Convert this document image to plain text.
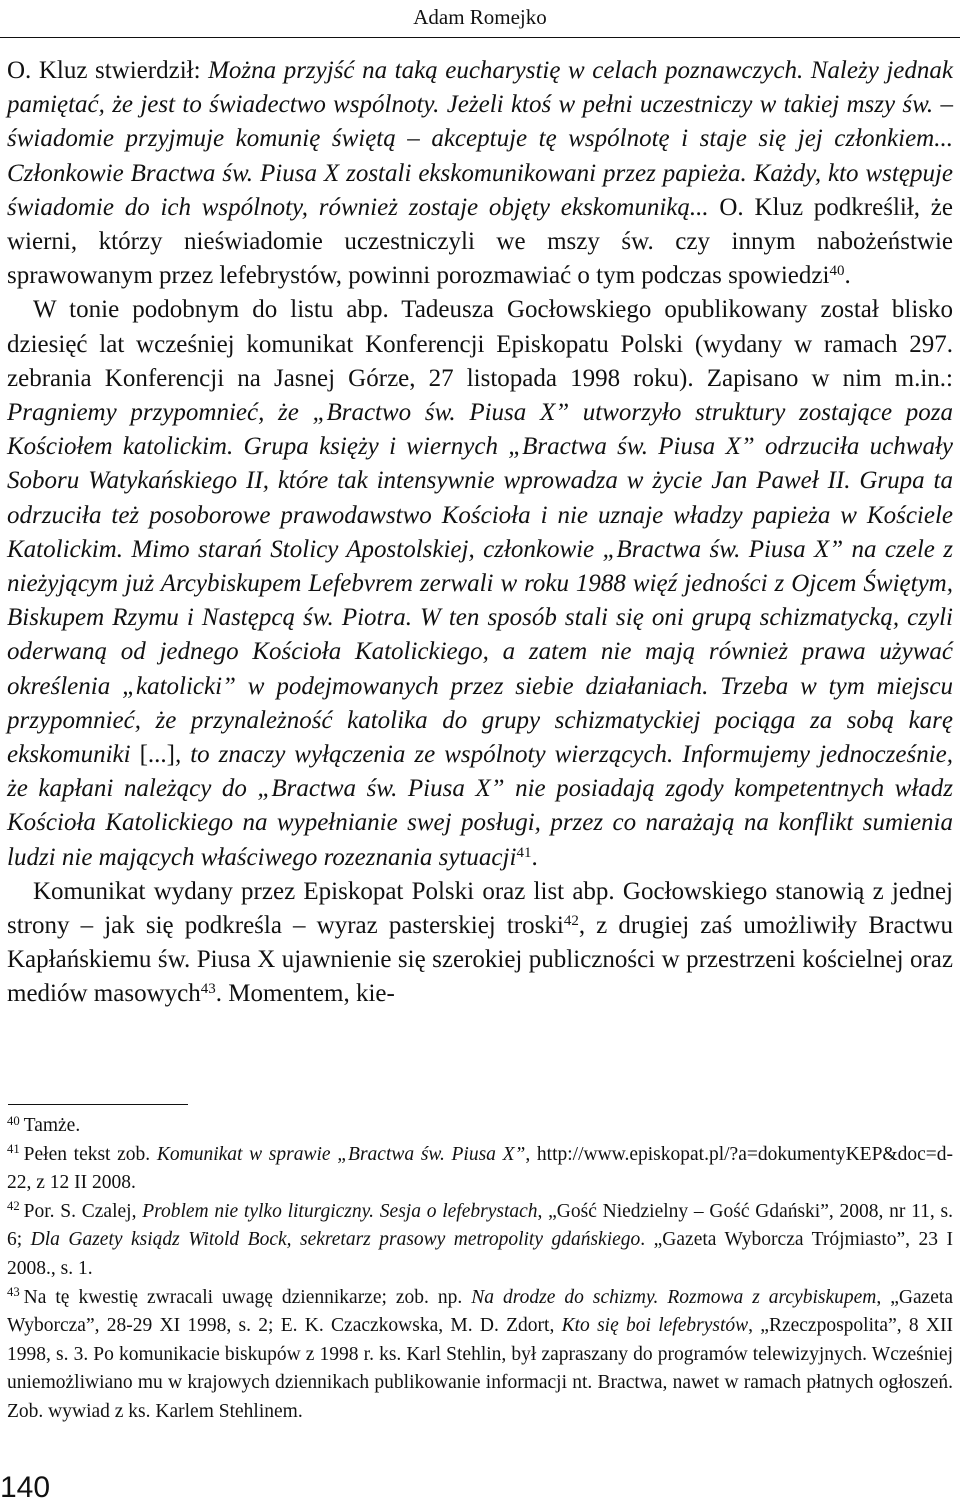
Adam Romejko

O. Kluz stwierdził: Można przyjść na taką eucharystię w celach poznawczych. Należy jednak pamiętać, że jest to świadectwo wspólnoty. Jeżeli ktoś w pełni uczestniczy w takiej mszy św. – świadomie przyjmuje komunię świętą – akceptuje tę wspólnotę i staje się jej członkiem... Członkowie Bractwa św. Piusa X zostali ekskomunikowani przez papieża. Każdy, kto wstępuje świadomie do ich wspólnoty, również zostaje objęty ekskomuniką... O. Kluz podkreślił, że wierni, którzy nieświadomie uczestniczyli we mszy św. czy innym nabożeństwie sprawowanym przez lefebrystów, powinni porozmawiać o tym podczas spowiedzi$^{40}$.

W tonie podobnym do listu abp. Tadeusza Gocłowskiego opublikowany został blisko dziesięć lat wcześniej komunikat Konferencji Episkopatu Polski (wydany w ramach 297. zebrania Konferencji na Jasnej Górze, 27 listopada 1998 roku). Zapisano w nim m.in.: Pragniemy przypomnieć, że „Bractwo św. Piusa X” utworzyło struktury zostające poza Kościołem katolickim. Grupa księży i wiernych „Bractwa św. Piusa X” odrzuciła uchwały Soboru Watykańskiego II, które tak intensywnie wprowadza w życie Jan Paweł II. Grupa ta odrzuciła też posoborowe prawodawstwo Kościoła i nie uznaje władzy papieża w Kościele Katolickim. Mimo starań Stolicy Apostolskiej, członkowie „Bractwa św. Piusa X” na czele z nieżyjącym już Arcybiskupem Lefebvrem zerwali w roku 1988 więź jedności z Ojcem Świętym, Biskupem Rzymu i Następcą św. Piotra. W ten sposób stali się oni grupą schizmatycką, czyli oderwaną od jednego Kościoła Katolickiego, a zatem nie mają również prawa używać określenia „katolicki” w podejmowanych przez siebie działaniach. Trzeba w tym miejscu przypomnieć, że przynależność katolika do grupy schizmatyckiej pociąga za sobą karę ekskomuniki [...], to znaczy wyłączenia ze wspólnoty wierzących. Informujemy jednocześnie, że kapłani należący do „Bractwa św. Piusa X” nie posiadają zgody kompetentnych władz Kościoła Katolickiego na wypełnianie swej posługi, przez co narażają na konflikt sumienia ludzi nie mających właściwego rozeznania sytuacji$^{41}$.

Komunikat wydany przez Episkopat Polski oraz list abp. Gocłowskiego stanowią z jednej strony – jak się podkreśla – wyraz pasterskiej troski$^{42}$, z drugiej zaś umożliwiły Bractwu Kapłańskiemu św. Piusa X ujawnienie się szerokiej publiczności w przestrzeni kościelnej oraz mediów masowych$^{43}$. Momentem, kie-

$^{40}$ Tamże.

$^{41}$ Pełen tekst zob. Komunikat w sprawie „Bractwa św. Piusa X”, http://www.episkopat.pl/?a=dokumentyKEP&doc=d-22, z 12 II 2008.

$^{42}$ Por. S. Czalej, Problem nie tylko liturgiczny. Sesja o lefebrystach, „Gość Niedzielny – Gość Gdański”, 2008, nr 11, s. 6; Dla Gazety ksiądz Witold Bock, sekretarz prasowy metropolity gdańskiego. „Gazeta Wyborcza Trójmiasto”, 23 I 2008., s. 1.

$^{43}$ Na tę kwestię zwracali uwagę dziennikarze; zob. np. Na drodze do schizmy. Rozmowa z arcybiskupem, „Gazeta Wyborcza”, 28-29 XI 1998, s. 2; E. K. Czaczkowska, M. D. Zdort, Kto się boi lefebrystów, „Rzeczpospolita”, 8 XII 1998, s. 3. Po komunikacie biskupów z 1998 r. ks. Karl Stehlin, był zapraszany do programów telewizyjnych. Wcześniej uniemożliwiano mu w krajowych dziennikach publikowanie informacji nt. Bractwa, nawet w ramach płatnych ogłoszeń. Zob. wywiad z ks. Karlem Stehlinem.

140
